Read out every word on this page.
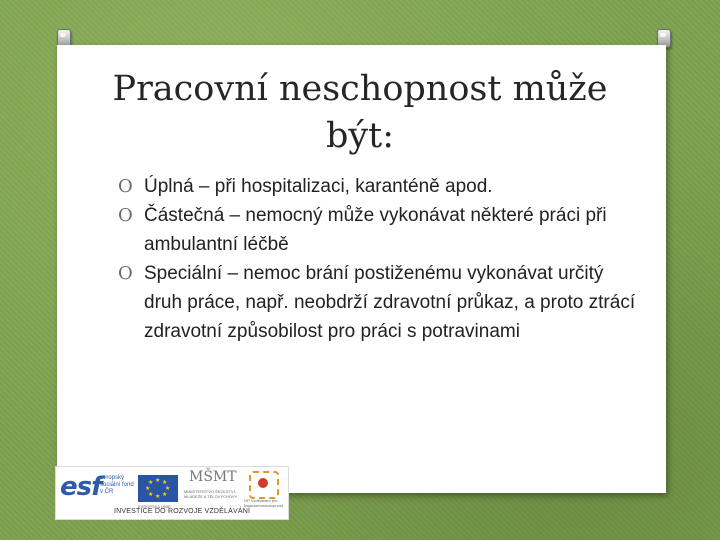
Pracovní neschopnost může
být:
O Úplná – při hospitalizaci, karanténě apod.
O Částečná – nemocný může vykonávat některé práci při ambulantní léčbě
O Speciální – nemoc brání postiženému vykonávat určitý druh práce, např. neobdrží zdravotní průkaz, a proto ztrácí zdravotní způsobilost pro práci s potravinami
esf
evropský sociální fond v ČR
★ ★
★
★
★
★
★
★
EVROPSKÁ UNIE
MŠMT
MINISTERSTVO ŠKOLSTVÍ, MLÁDEŽE A TĚLOVÝCHOVY
OP Vzdělávání pro konkurenceschopnost
INVESTICE DO ROZVOJE VZDĚLÁVÁNÍ
